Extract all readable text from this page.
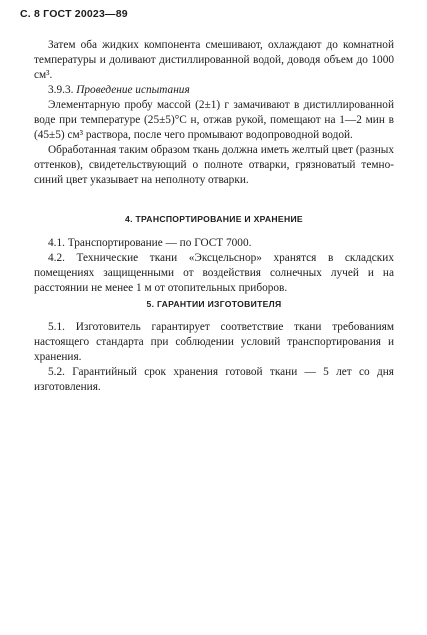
С. 8 ГОСТ 20023—89

Затем оба жидких компонента смешивают, охлаждают до комнатной температуры и доливают дистиллированной водой, доводя объем до 1000 см³.

3.9.3. Проведение испытания

Элементарную пробу массой (2±1) г замачивают в дистиллированной воде при температуре (25±5)°С н, отжав рукой, помещают на 1—2 мин в (45±5) см³ раствора, после чего промывают водопроводной водой.

Обработанная таким образом ткань должна иметь желтый цвет (разных оттенков), свидетельствующий о полноте отварки, грязноватый темно-синий цвет указывает на неполноту отварки.

4. ТРАНСПОРТИРОВАНИЕ И ХРАНЕНИЕ

4.1. Транспортирование — по ГОСТ 7000.

4.2. Технические ткани «Эксцельснор» хранятся в складских помещениях защищенными от воздействия солнечных лучей и на расстоянии не менее 1 м от отопительных приборов.

5. ГАРАНТИИ ИЗГОТОВИТЕЛЯ

5.1. Изготовитель гарантирует соответствие ткани требованиям настоящего стандарта при соблюдении условий транспортирования и хранения.

5.2. Гарантийный срок хранения готовой ткани — 5 лет со дня изготовления.
